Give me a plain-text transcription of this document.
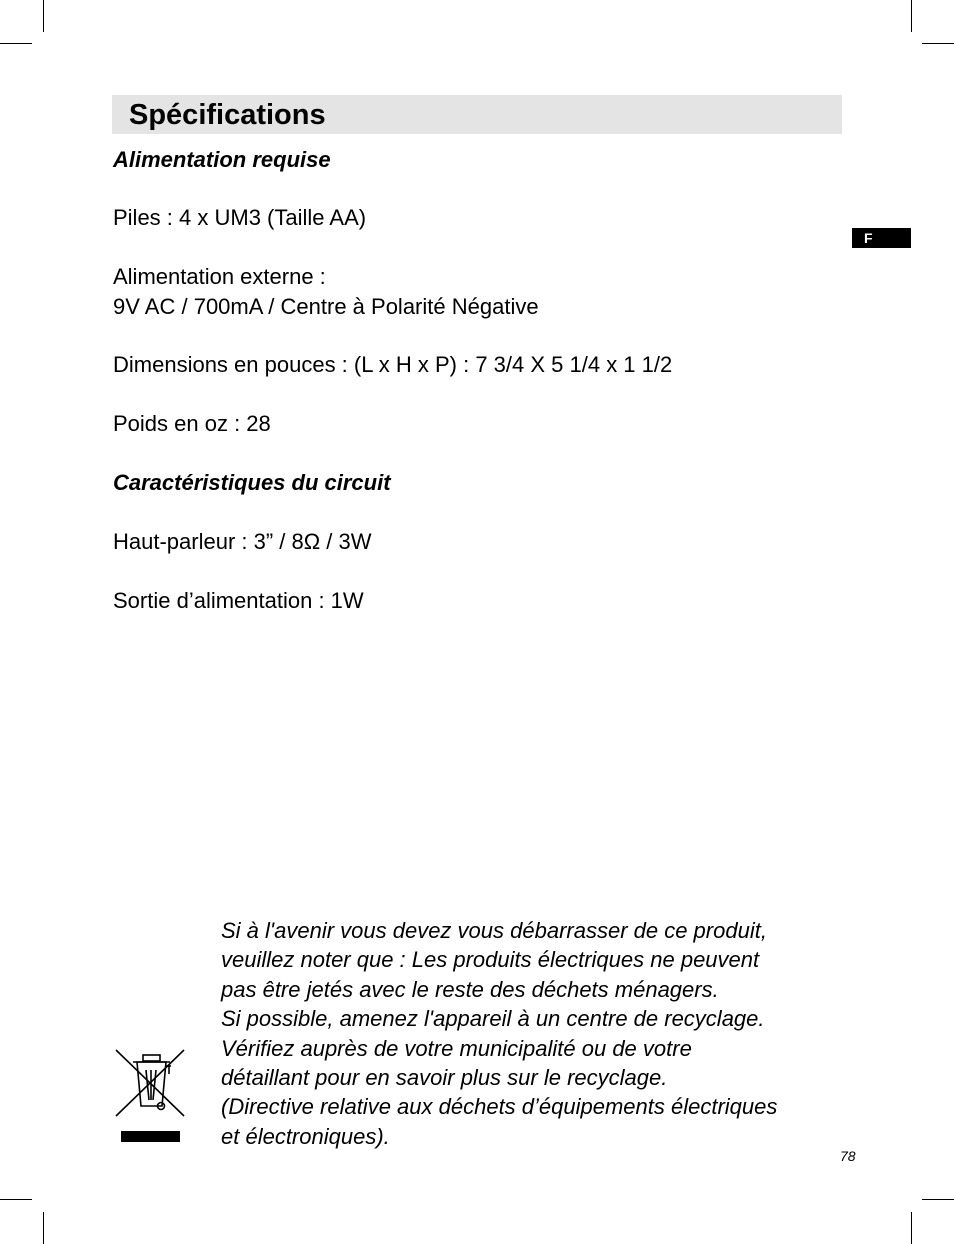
Spécifications
F
Alimentation requise
Piles : 4 x UM3 (Taille AA)
Alimentation externe :
9V AC / 700mA / Centre à Polarité Négative
Dimensions en pouces : (L x H x P) : 7 3/4 X 5 1/4 x 1 1/2
Poids en oz : 28
Caractéristiques du circuit
Haut-parleur : 3” / 8Ω / 3W
Sortie d’alimentation : 1W

Si à l'avenir vous devez vous débarrasser de ce produit,
veuillez noter que : Les produits électriques ne peuvent
pas être jetés avec le reste des déchets ménagers.
Si possible, amenez l'appareil à un centre de recyclage.
Vérifiez auprès de votre municipalité ou de votre
détaillant pour en savoir plus sur le recyclage.
(Directive relative aux déchets d’équipements électriques
et électroniques).

78
